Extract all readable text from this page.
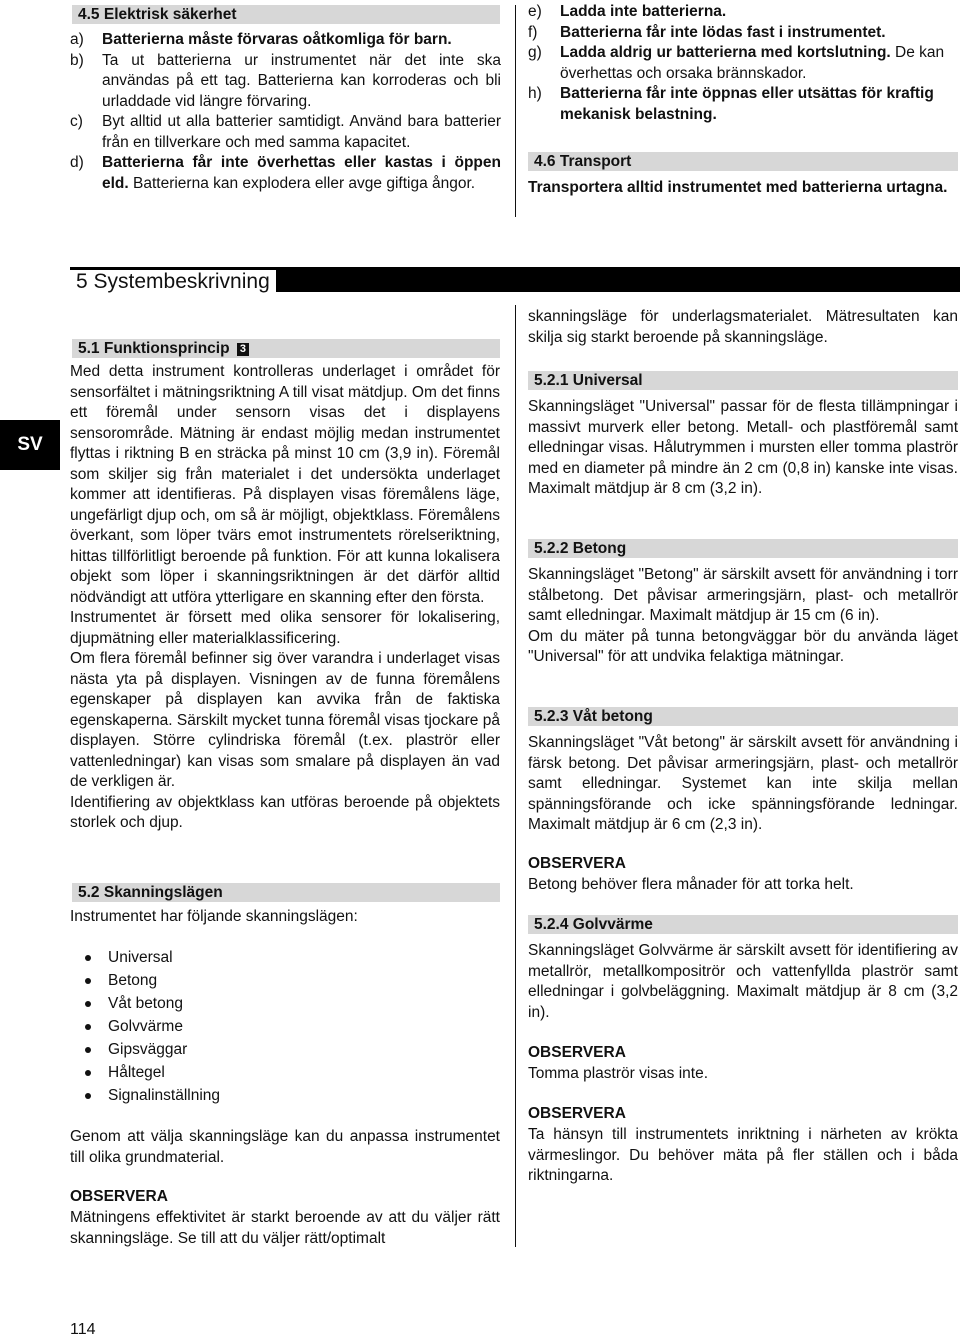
4.5 Elektrisk säkerhet
a)	Batterierna måste förvaras oåtkomliga för barn.
b)	Ta ut batterierna ur instrumentet när det inte ska användas på ett tag. Batterierna kan korroderas och bli urladdade vid längre förvaring.
c)	Byt alltid ut alla batterier samtidigt. Använd bara batterier från en tillverkare och med samma kapacitet.
d)	Batterierna får inte överhettas eller kastas i öppen eld. Batterierna kan explodera eller avge giftiga ångor.
e)	Ladda inte batterierna.
f)	Batterierna får inte lödas fast i instrumentet.
g)	Ladda aldrig ur batterierna med kortslutning. De kan överhettas och orsaka brännskador.
h)	Batterierna får inte öppnas eller utsättas för kraftig mekanisk belastning.
4.6 Transport
Transportera alltid instrumentet med batterierna urtagna.
5 Systembeskrivning
SV
5.1 Funktionsprincip 3

Med detta instrument kontrolleras underlaget i området för sensorfältet i mätningsriktning A till visat mätdjup. Om det finns ett föremål under sensorn visas det i displayens sensorområde. Mätning är endast möjlig medan instrumentet flyttas i riktning B en sträcka på minst 10 cm (3,9 in). Föremål som skiljer sig från materialet i det undersökta underlaget kommer att identifieras. På displayen visas föremålens läge, ungefärligt djup och, om så är möjligt, objektklass. Föremålens överkant, som löper tvärs emot instrumentets rörelseriktning, hittas tillförlitligt beroende på funktion. För att kunna lokalisera objekt som löper i skanningsriktningen är det därför alltid nödvändigt att utföra ytterligare en skanning efter den första.

Instrumentet är försett med olika sensorer för lokalisering, djupmätning eller materialklassificering.

Om flera föremål befinner sig över varandra i underlaget visas nästa yta på displayen. Visningen av de funna föremålens egenskaper på displayen kan avvika från de faktiska egenskaperna. Särskilt mycket tunna föremål visas tjockare på displayen. Större cylindriska föremål (t.ex. plaströr eller vattenledningar) kan visas som smalare på displayen än vad de verkligen är.

Identifiering av objektklass kan utföras beroende på objektets storlek och djup.

5.2 Skanningslägen
Instrumentet har följande skanningslägen:
Universal
Betong
Våt betong
Golvvärme
Gipsväggar
Håltegel
Signalinställning
Genom att välja skanningsläge kan du anpassa instrumentet till olika grundmaterial.
OBSERVERA
Mätningens effektivitet är starkt beroende av att du väljer rätt skanningsläge. Se till att du väljer rätt/optimalt
skanningsläge för underlagsmaterialet. Mätresultaten kan skilja sig starkt beroende på skanningsläge.
5.2.1 Universal
Skanningsläget "Universal" passar för de flesta tillämpningar i massivt murverk eller betong. Metall- och plastföremål samt elledningar visas. Hålutrymmen i mursten eller tomma plaströr med en diameter på mindre än 2 cm (0,8 in) kanske inte visas. Maximalt mätdjup är 8 cm (3,2 in).
5.2.2 Betong

Skanningsläget "Betong" är särskilt avsett för användning i torr stålbetong. Det påvisar armeringsjärn, plast- och metallrör samt elledningar. Maximalt mätdjup är 15 cm (6 in).

Om du mäter på tunna betongväggar bör du använda läget "Universal" för att undvika felaktiga mätningar.

5.2.3 Våt betong
Skanningsläget "Våt betong" är särskilt avsett för användning i färsk betong. Det påvisar armeringsjärn, plast- och metallrör samt elledningar. Systemet kan inte skilja mellan spänningsförande och icke spänningsförande ledningar. Maximalt mätdjup är 6 cm (2,3 in).
OBSERVERA
Betong behöver flera månader för att torka helt.
5.2.4 Golvvärme
Skanningsläget Golvvärme är särskilt avsett för identifiering av metallrör, metallkompositrör och vattenfyllda plaströr samt elledningar i golvbeläggning. Maximalt mätdjup är 8 cm (3,2 in).
OBSERVERA
Tomma plaströr visas inte.
OBSERVERA
Ta hänsyn till instrumentets inriktning i närheten av krökta värmeslingor. Du behöver mäta på fler ställen och i båda riktningarna.
114
